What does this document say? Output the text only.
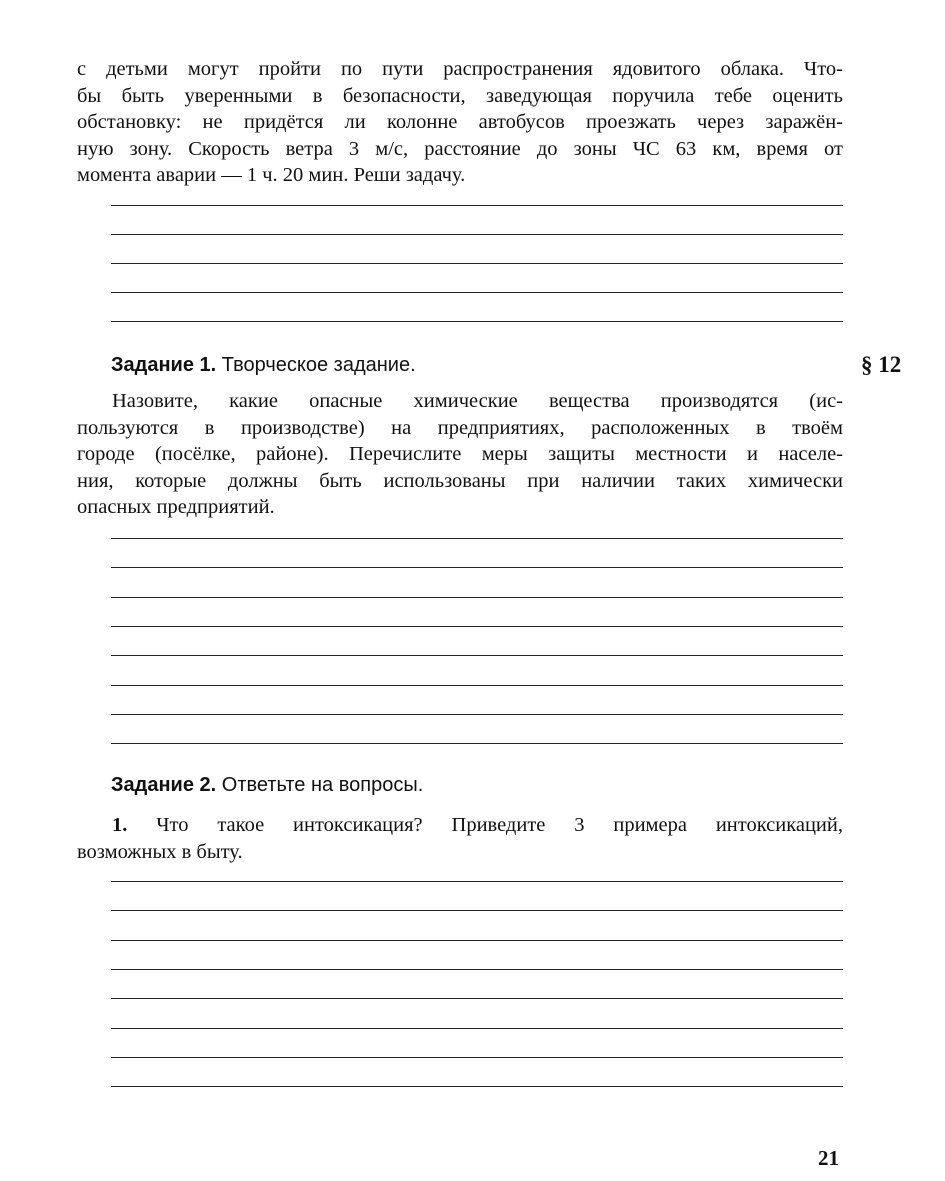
с детьми могут пройти по пути распространения ядовитого облака. Что-
бы быть уверенными в безопасности, заведующая поручила тебе оценить
обстановку: не придётся ли колонне автобусов проезжать через заражён-
ную зону. Скорость ветра 3 м/с, расстояние до зоны ЧС 63 км, время от
момента аварии — 1 ч. 20 мин. Реши задачу.
Задание 1. Творческое задание.	§ 12
Назовите, какие опасные химические вещества производятся (ис-
пользуются в производстве) на предприятиях, расположенных в твоём
городе (посёлке, районе). Перечислите меры защиты местности и населе-
ния, которые должны быть использованы при наличии таких химически
опасных предприятий.
Задание 2. Ответьте на вопросы.
1. Что такое интоксикация? Приведите 3 примера интоксикаций,
возможных в быту.
21
